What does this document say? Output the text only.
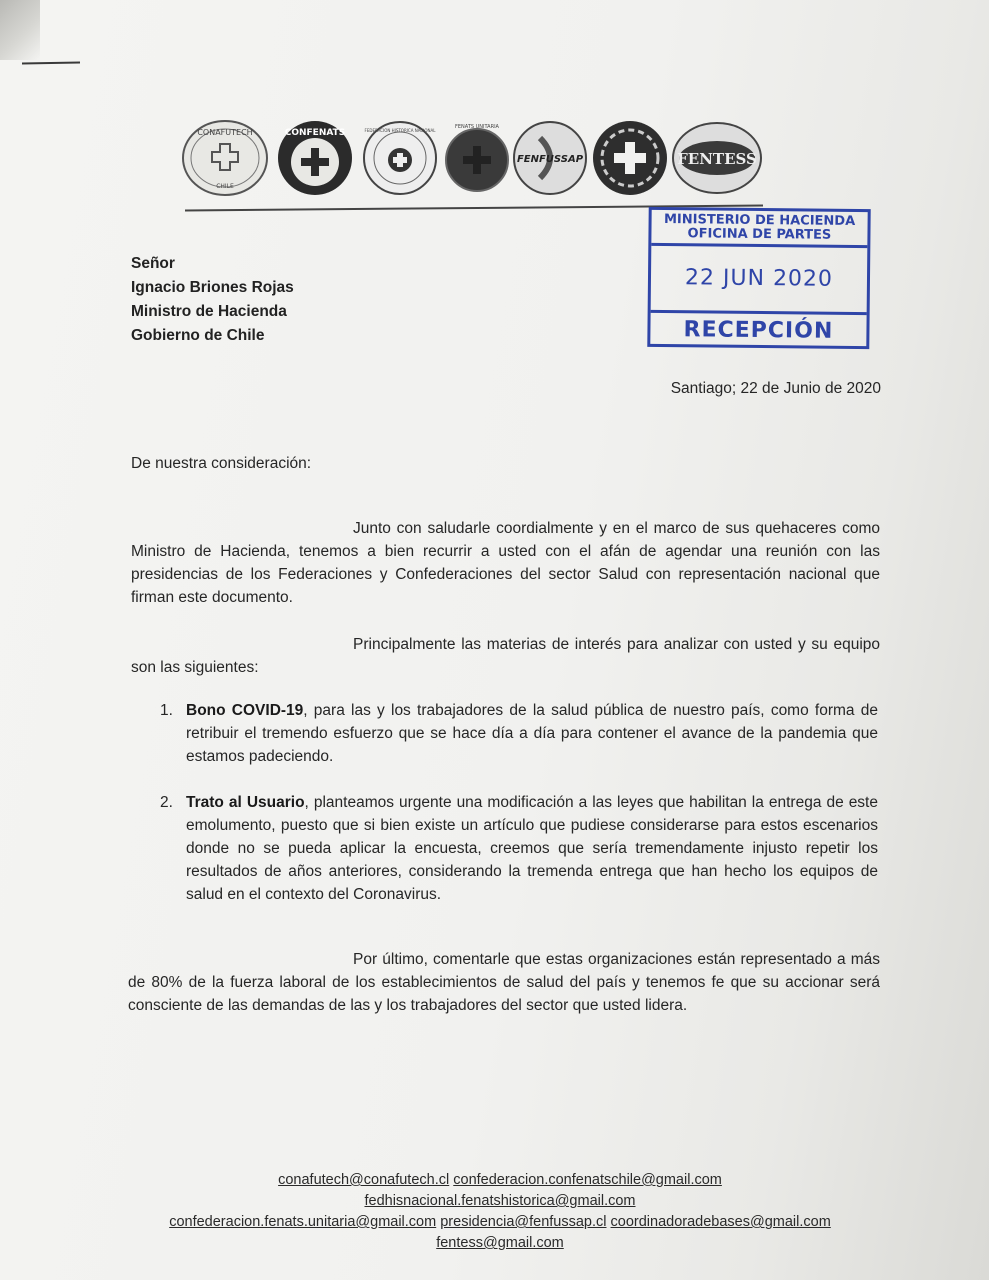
CONAFUTECH
CHILE
CONFENATS	FEDERACION HISTORICA NACIONAL
FENATS UNITARIA
FENFUSSAP	FENTESS
MINISTERIO DE HACIENDA
OFICINA DE PARTES
22 JUN 2020
RECEPCIÓN
Señor
Ignacio Briones Rojas
Ministro de Hacienda
Gobierno de Chile
Santiago; 22 de Junio de 2020
De nuestra consideración:
Junto con saludarle coordialmente y en el marco de sus quehaceres como Ministro de Hacienda, tenemos a bien recurrir a usted con el afán de agendar una reunión con las presidencias de los Federaciones y Confederaciones del sector Salud con representación nacional que firman este documento.
Principalmente las materias de interés para analizar con usted y su equipo son las siguientes:
1. Bono COVID-19, para las y los trabajadores de la salud pública de nuestro país, como forma de retribuir el tremendo esfuerzo que se hace día a día para contener el avance de la pandemia que estamos padeciendo.
2. Trato al Usuario, planteamos urgente una modificación a las leyes que habilitan la entrega de este emolumento, puesto que si bien existe un artículo que pudiese considerarse para estos escenarios donde no se pueda aplicar la encuesta, creemos que sería tremendamente injusto repetir los resultados de años anteriores, considerando la tremenda entrega que han hecho los equipos de salud en el contexto del Coronavirus.
Por último, comentarle que estas organizaciones están representado a más de 80% de la fuerza laboral de los establecimientos de salud del país y tenemos fe que su accionar será consciente de las demandas de las y los trabajadores del sector que usted lidera.
conafutech@conafutech.cl confederacion.confenatschile@gmail.com
fedhisnacional.fenatshistorica@gmail.com
confederacion.fenats.unitaria@gmail.com presidencia@fenfussap.cl coordinadoradebases@gmail.com
fentess@gmail.com
